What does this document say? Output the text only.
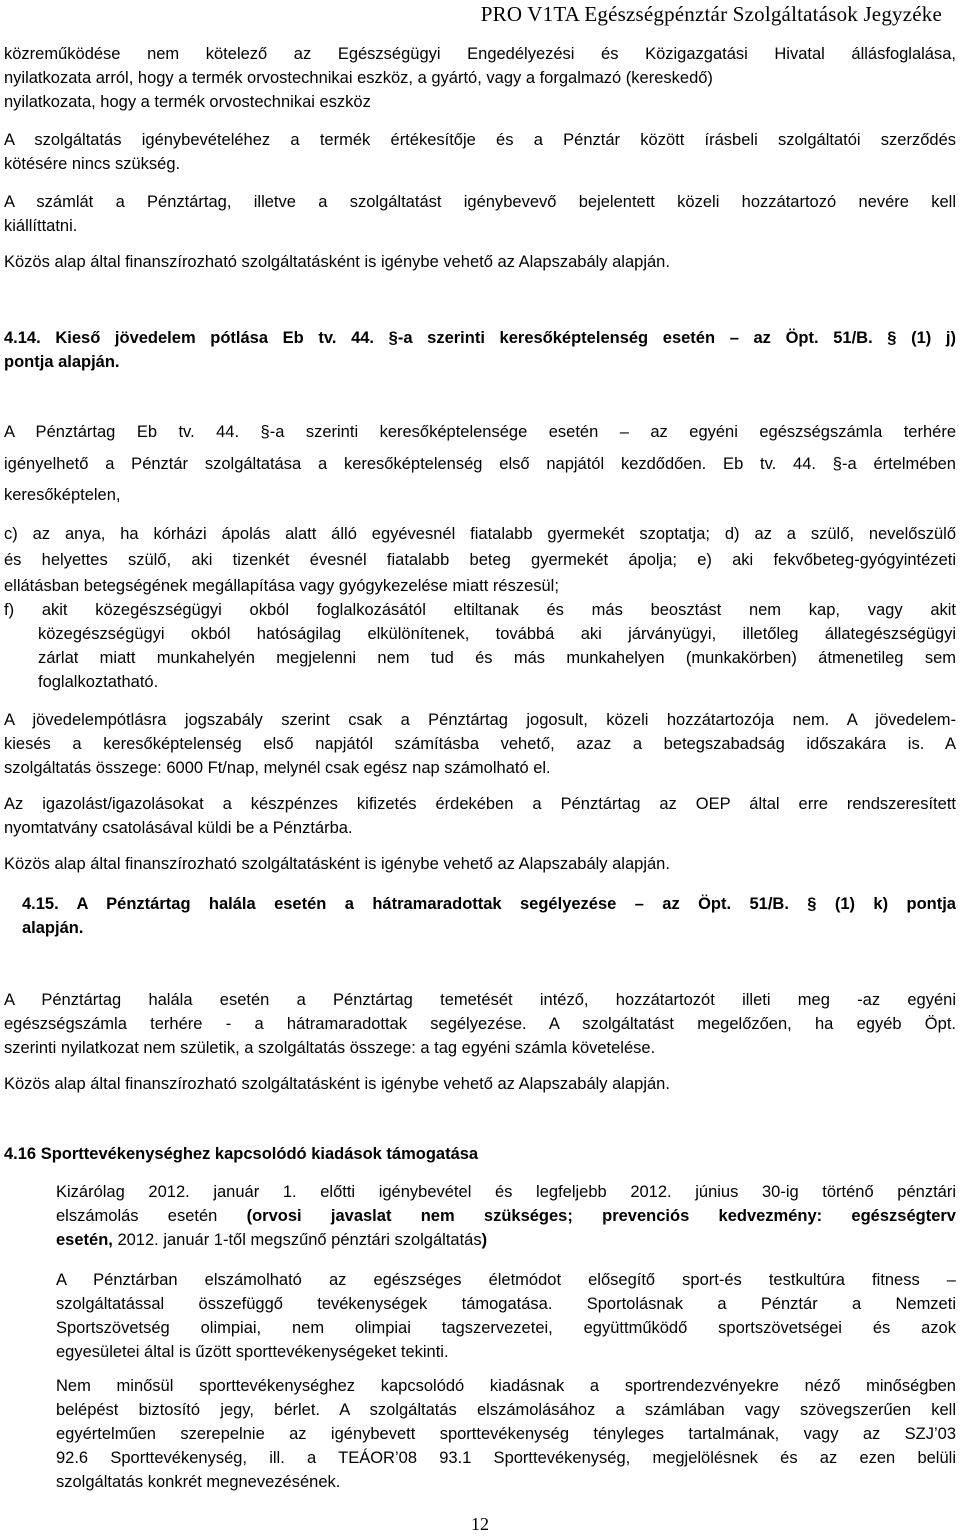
PRO V1TA Egészségpénztár Szolgáltatások Jegyzéke
közreműködése nem kötelező az Egészségügyi Engedélyezési és Közigazgatási Hivatal állásfoglalása,
nyilatkozata arról, hogy a termék orvostechnikai eszköz, a gyártó, vagy a forgalmazó (kereskedő)
nyilatkozata, hogy a termék orvostechnikai eszköz
A szolgáltatás igénybevételéhez a termék értékesítője és a Pénztár között írásbeli szolgáltatói szerződés
kötésére nincs szükség.
A számlát a Pénztártag, illetve a szolgáltatást igénybevevő bejelentett közeli hozzátartozó nevére kell
kiállíttatni.
Közös alap által finanszírozható szolgáltatásként is igénybe vehető az Alapszabály alapján.
4.14. Kieső jövedelem pótlása Eb tv. 44. §-a szerinti keresőképtelenség esetén – az Öpt. 51/B. § (1) j)
pontja alapján.
A Pénztártag Eb tv. 44. §-a szerinti keresőképtelensége esetén – az egyéni egészségszámla terhére
igényelhető a Pénztár szolgáltatása a keresőképtelenség első napjától kezdődően. Eb tv. 44. §-a értelmében
keresőképtelen,
c) az anya, ha kórházi ápolás alatt álló egyévesnél fiatalabb gyermekét szoptatja; d) az a szülő, nevelőszülő
és helyettes szülő, aki tizenkét évesnél fiatalabb beteg gyermekét ápolja; e) aki fekvőbeteg-gyógyintézeti
ellátásban betegségének megállapítása vagy gyógykezelése miatt részesül;
f) akit közegészségügyi okból foglalkozásától eltiltanak és más beosztást nem kap, vagy akit
közegészségügyi okból hatóságilag elkülönítenek, továbbá aki járványügyi, illetőleg állategészségügyi
zárlat miatt munkahelyén megjelenni nem tud és más munkahelyen (munkakörben) átmenetileg sem
foglalkoztatható.
A jövedelempótlásra jogszabály szerint csak a Pénztártag jogosult, közeli hozzátartozója nem. A jövedelem-
kiesés a keresőképtelenség első napjától számításba vehető, azaz a betegszabadság időszakára is. A
szolgáltatás összege: 6000 Ft/nap, melynél csak egész nap számolható el.
Az igazolást/igazolásokat a készpénzes kifizetés érdekében a Pénztártag az OEP által erre rendszeresített
nyomtatvány csatolásával küldi be a Pénztárba.
Közös alap által finanszírozható szolgáltatásként is igénybe vehető az Alapszabály alapján.
4.15. A Pénztártag halála esetén a hátramaradottak segélyezése – az Öpt. 51/B. § (1) k) pontja
alapján.
A Pénztártag halála esetén a Pénztártag temetését intéző, hozzátartozót illeti meg -az egyéni
egészségszámla terhére - a hátramaradottak segélyezése. A szolgáltatást megelőzően, ha egyéb Öpt.
szerinti nyilatkozat nem születik, a szolgáltatás összege: a tag egyéni számla követelése.
Közös alap által finanszírozható szolgáltatásként is igénybe vehető az Alapszabály alapján.
4.16 Sporttevékenységhez kapcsolódó kiadások támogatása
Kizárólag 2012. január 1. előtti igénybevétel és legfeljebb 2012. június 30-ig történő pénztári
elszámolás esetén (orvosi javaslat nem szükséges; prevenciós kedvezmény: egészségterv
esetén, 2012. január 1-től megszűnő pénztári szolgáltatás)
A Pénztárban elszámolható az egészséges életmódot elősegítő sport-és testkultúra fitness –
szolgáltatással összefüggő tevékenységek támogatása. Sportolásnak a Pénztár a Nemzeti
Sportszövetség olimpiai, nem olimpiai tagszervezetei, együttműködő sportszövetségei és azok
egyesületei által is űzött sporttevékenységeket tekinti.
Nem minősül sporttevékenységhez kapcsolódó kiadásnak a sportrendezvényekre néző minőségben
belépést biztosító jegy, bérlet. A szolgáltatás elszámolásához a számlában vagy szövegszerűen kell
egyértelműen szerepelnie az igénybevett sporttevékenység tényleges tartalmának, vagy az SZJ’03
92.6 Sporttevékenység, ill. a TEÁOR’08 93.1 Sporttevékenység, megjelölésnek és az ezen belüli
szolgáltatás konkrét megnevezésének.
12
